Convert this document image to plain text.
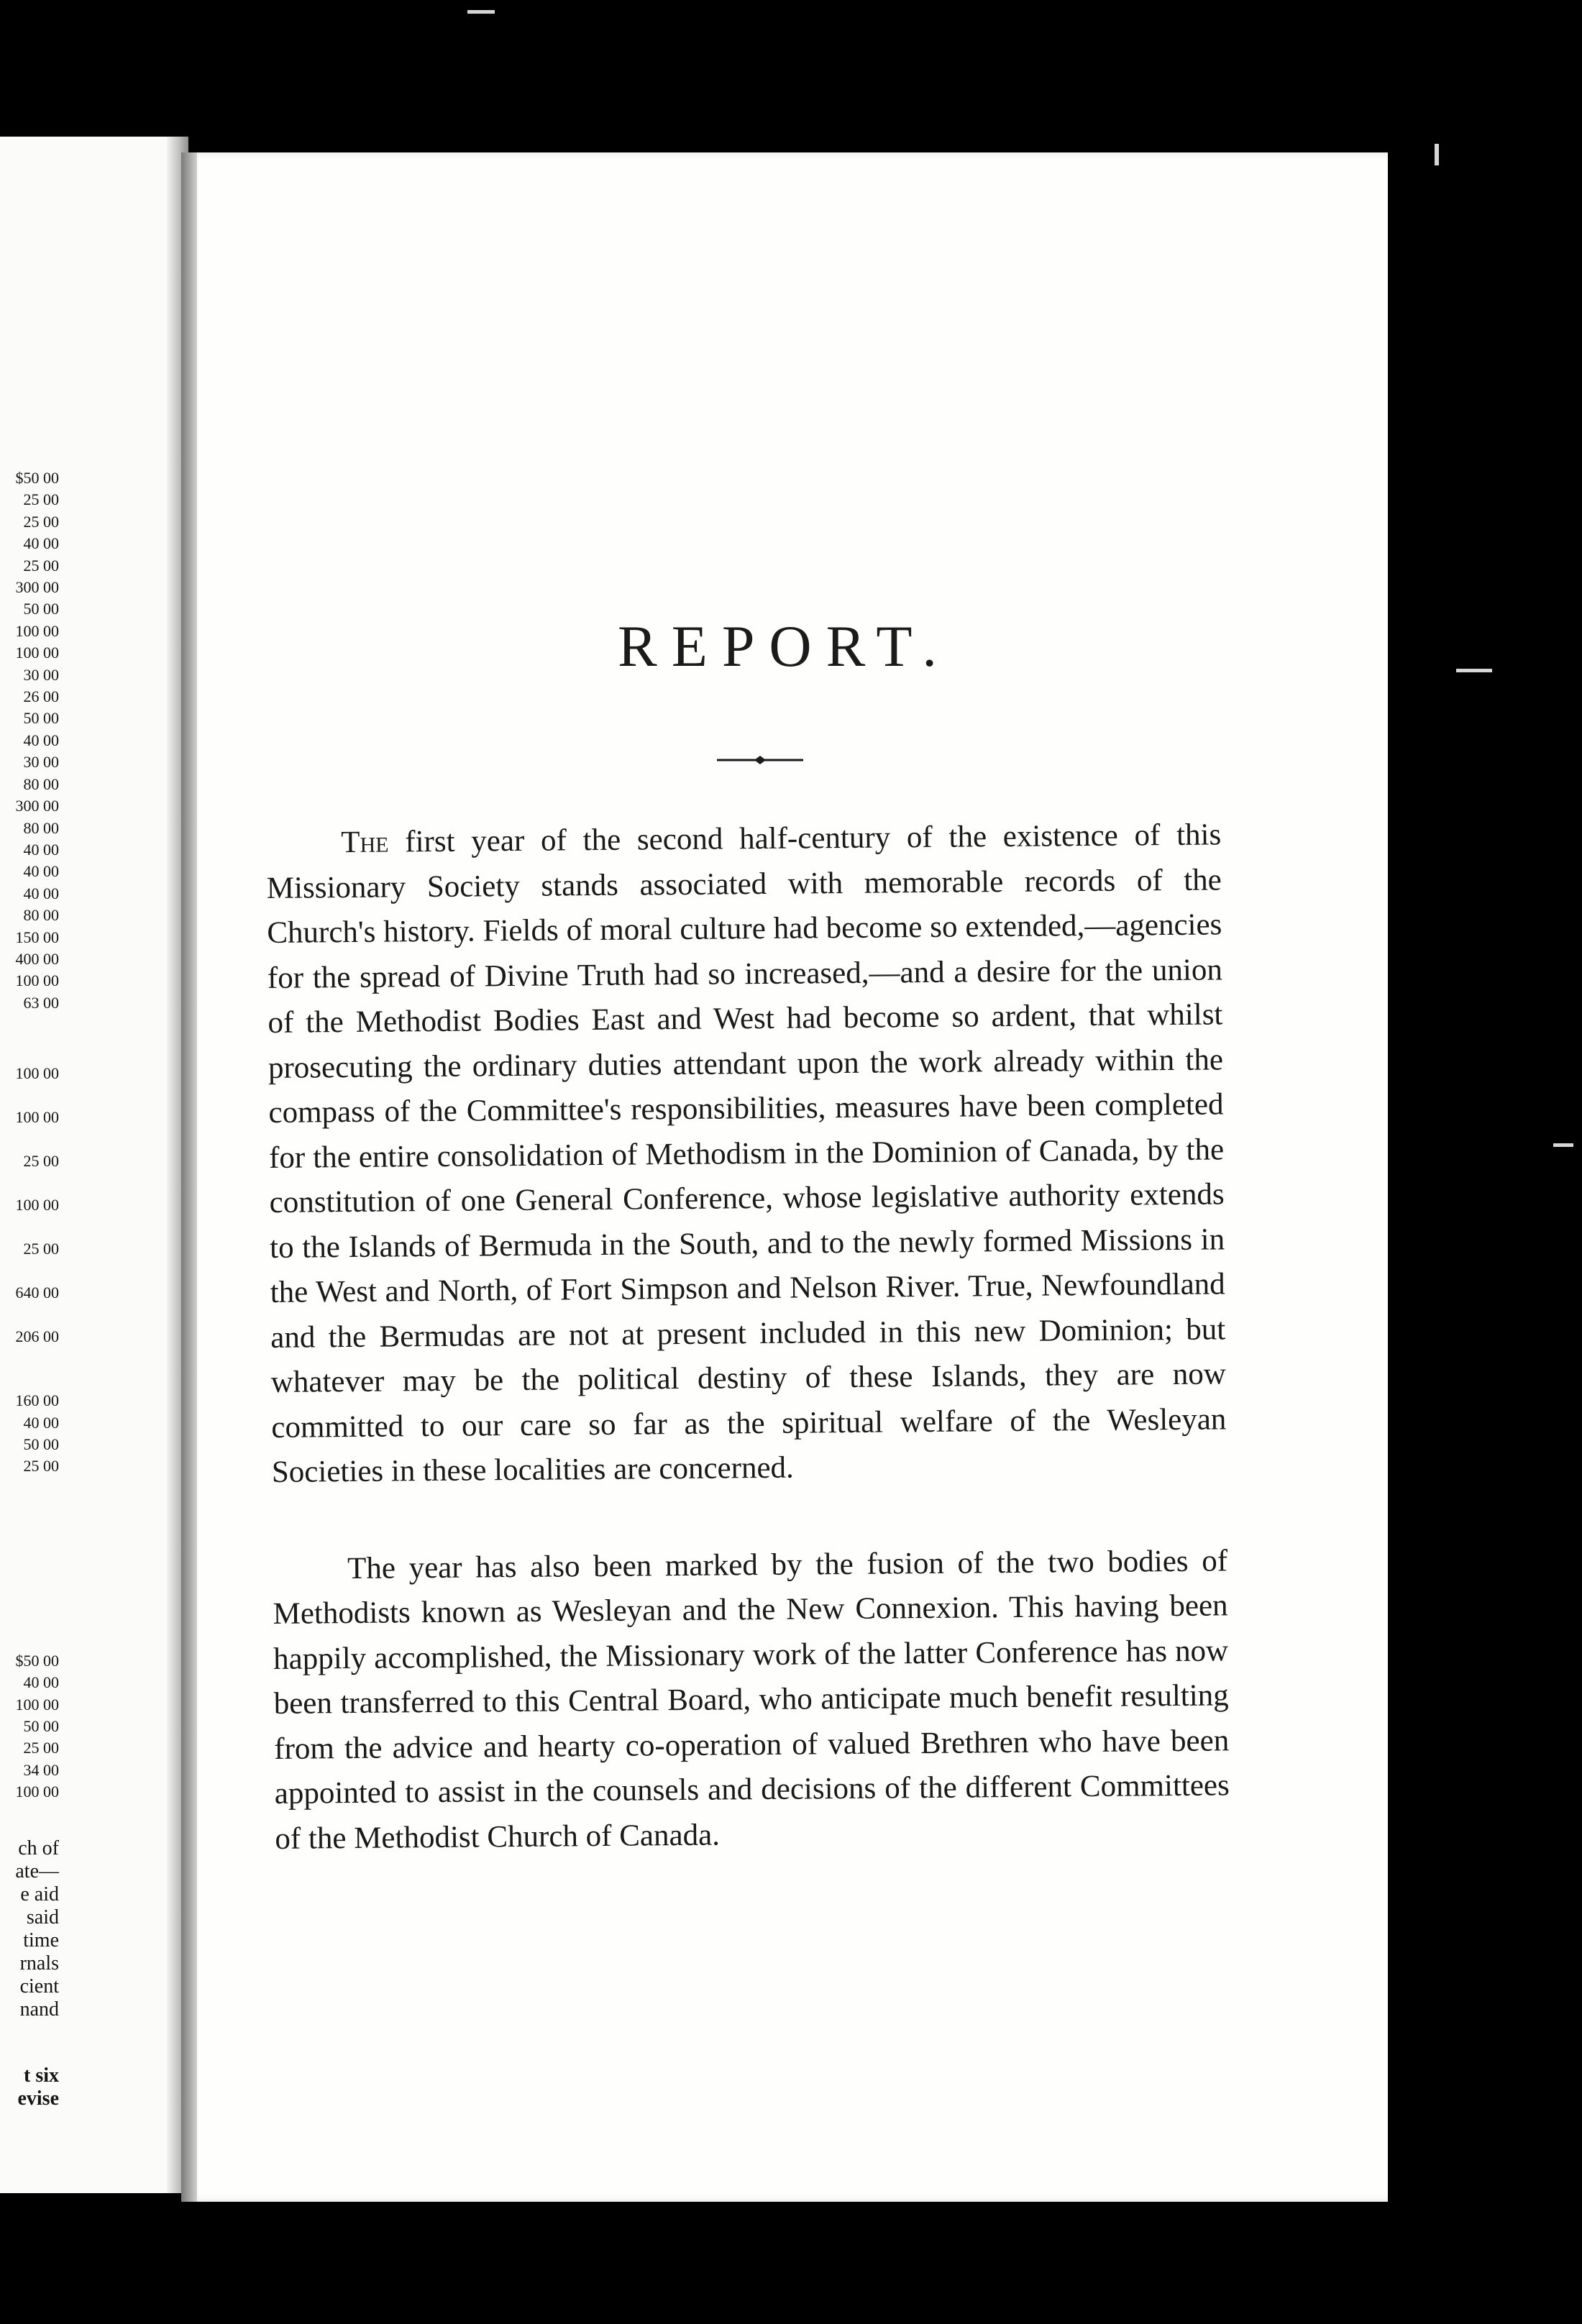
$50 00
25 00
25 00
40 00
25 00
300 00
50 00
100 00
100 00
30 00
26 00
50 00
40 00
30 00
80 00
300 00
80 00
40 00
40 00
40 00
80 00
150 00
400 00
100 00
63 00
100 00
100 00
25 00
100 00
25 00
640 00
206 00
160 00
40 00
50 00
25 00
$50 00
40 00
100 00
50 00
25 00
34 00
100 00
ch of
ate—
e aid
said
time
rnals
cient
nand
t six
evise
REPORT.

The first year of the second half-century of the existence of this Missionary Society stands associated with memorable records of the Church's history. Fields of moral culture had become so extended,—agencies for the spread of Divine Truth had so increased,—and a desire for the union of the Methodist Bodies East and West had become so ardent, that whilst prosecuting the ordinary duties attendant upon the work already within the compass of the Committee's responsibilities, measures have been completed for the entire consolidation of Methodism in the Dominion of Canada, by the constitution of one General Conference, whose legislative authority extends to the Islands of Bermuda in the South, and to the newly formed Missions in the West and North, of Fort Simpson and Nelson River. True, Newfoundland and the Bermudas are not at present included in this new Dominion; but whatever may be the political destiny of these Islands, they are now committed to our care so far as the spiritual welfare of the Wesleyan Societies in these localities are concerned.

The year has also been marked by the fusion of the two bodies of Methodists known as Wesleyan and the New Connexion. This having been happily accomplished, the Missionary work of the latter Conference has now been transferred to this Central Board, who anticipate much benefit resulting from the advice and hearty co-operation of valued Brethren who have been appointed to assist in the counsels and decisions of the different Committees of the Methodist Church of Canada.
